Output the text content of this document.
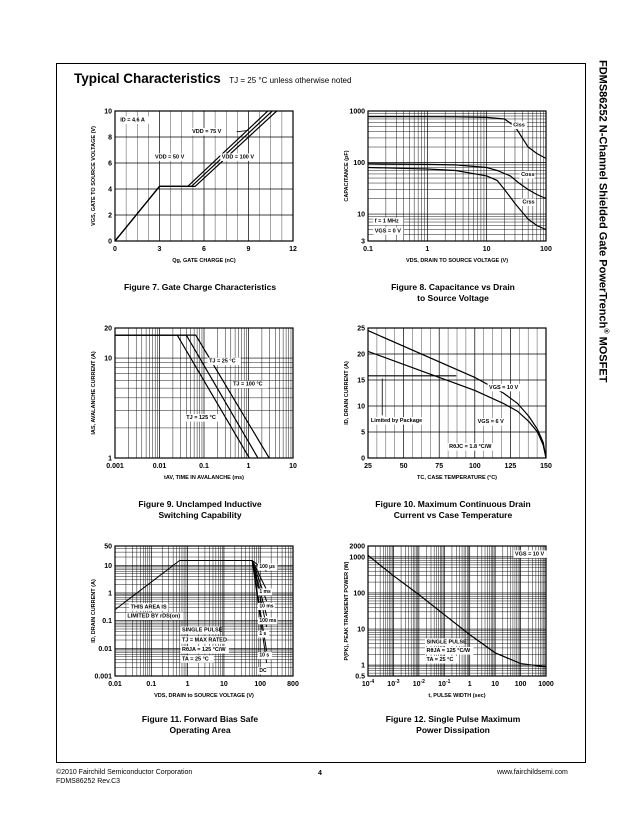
Typical Characteristics TJ = 25 °C unless otherwise noted	FDMS86252 N-Channel Shielded Gate PowerTrench® MOSFET
0	3	6	9	12
0
2
4
6
8
10
Qg, GATE CHARGE (nC)
VGS, GATE TO SOURCE VOLTAGE (V)	VDD = 50 V
VDD = 75 V
VDD = 100 V
ID = 4.6 A
0.1	1	10	100
3
10
100
1000
VDS, DRAIN TO SOURCE VOLTAGE (V)
CAPACITANCE (pF)
Ciss
Coss
Crss
f = 1 MHz
VGS = 0 V
0.001	0.01	0.1	1	10
1
10
20
tAV, TIME IN AVALANCHE (ms)
IAS, AVALANCHE CURRENT (A)	TJ = 25 °C
TJ = 100 °C
TJ = 125 °C
25	50	75	100	125	150
0
5
10
15
20
25
TC, CASE TEMPERATURE (°C)
ID, DRAIN CURRENT (A)	VGS = 10 V
VGS = 6 V
Limited by Package
RθJC = 1.8 °C/W
0.01	0.1	1	10	100	800
0.001
0.01
0.1
1
10
50
VDS, DRAIN to SOURCE VOLTAGE (V)
ID, DRAIN CURRENT (A)
DC
10 s
1 s
100 ms
10 ms
1 ms
100 μs
THIS AREA IS
LIMITED BY rDS(on)
SINGLE PULSE
TJ = MAX RATED
RθJA = 125 °C/W
TA = 25 °C
$10^{-4}$ $10^{-3}$ $10^{-2}$ $10^{-1}$ 1	10 100 1000
0.5
1
10
100
1000
2000
t, PULSE WIDTH (sec)
P(PK), PEAK TRANSIENT POWER (W)
VGS = 10 V
SINGLE PULSE
RθJA = 125 °C/W
TA = 25 °C
Figure 7. Gate Charge Characteristics	Figure 8. Capacitance vs Drain
to Source Voltage
Figure 9. Unclamped Inductive
Switching Capability
Figure 10. Maximum Continuous Drain
Current vs Case Temperature
Figure 11. Forward Bias Safe
Operating Area
Figure 12. Single Pulse Maximum
Power Dissipation
©2010 Fairchild Semiconductor Corporation
FDMS86252 Rev.C3
4	www.fairchildsemi.com
